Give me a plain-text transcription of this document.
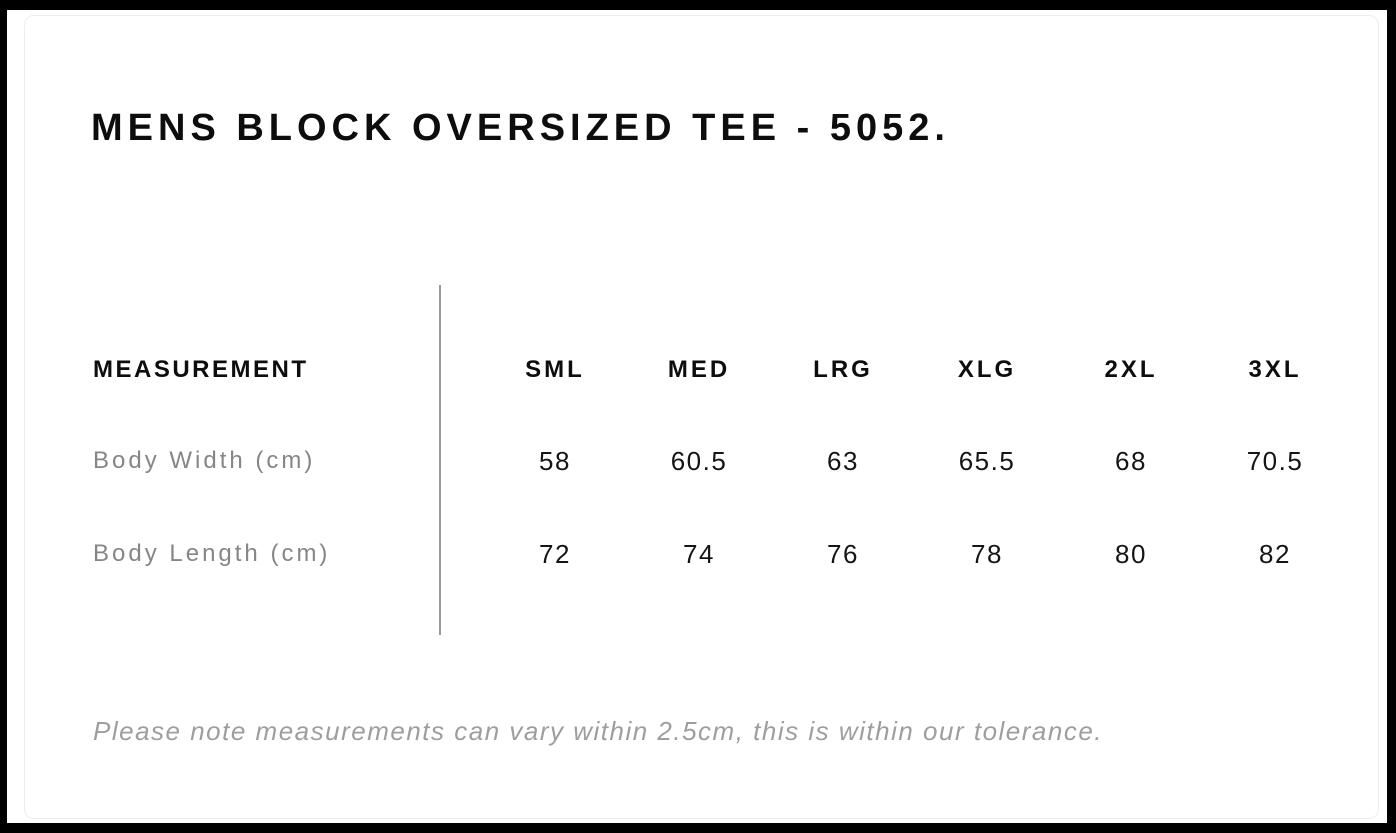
MENS BLOCK OVERSIZED TEE - 5052.
MEASUREMENT	SML	MED	LRG	XLG	2XL	3XL
Body Width (cm)	58	60.5	63	65.5	68	70.5
Body Length (cm)	72	74	76	78	80	82

Please note measurements can vary within 2.5cm, this is within our tolerance.
